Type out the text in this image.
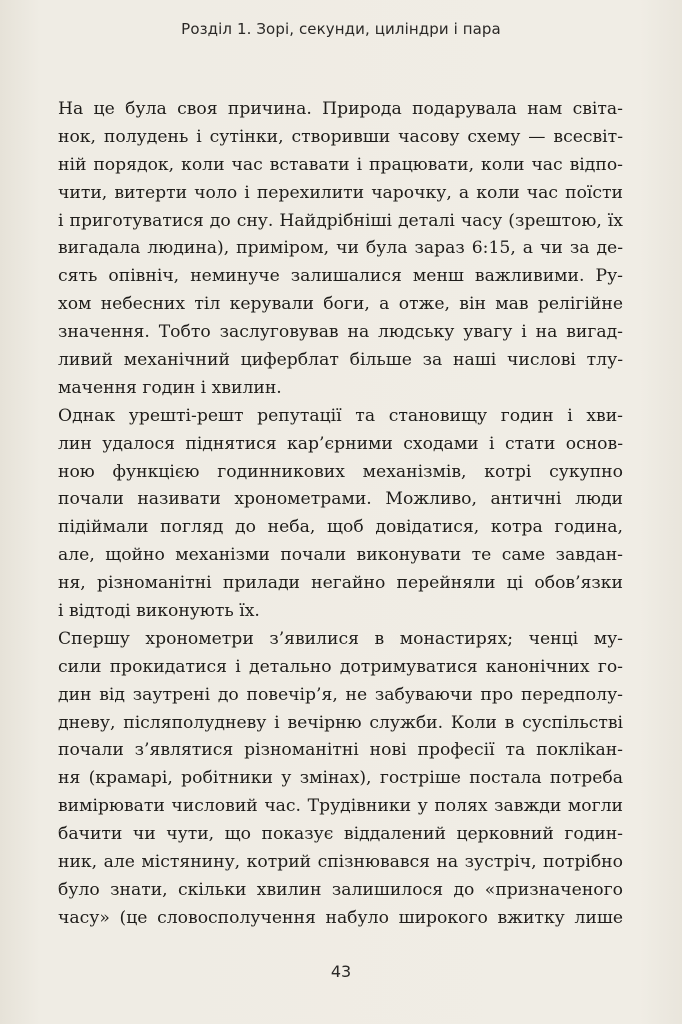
Розділ 1. Зорі, секунди, циліндри і пара
На це була своя причина. Природа подарувала нам світа-
нок, полудень і сутінки, створивши часову схему — всесвіт-
ній порядок, коли час вставати і працювати, коли час відпо-
чити, витерти чоло і перехилити чарочку, а коли час поїсти
і приготуватися до сну. Найдрібніші деталі часу (зрештою, їх
вигадала людина), приміром, чи була зараз 6:15, а чи за де-
сять опівніч, неминуче залишалися менш важливими. Ру-
хом небесних тіл керували боги, а отже, він мав релігійне
значення. Тобто заслуговував на людську увагу і на вигад-
ливий механічний циферблат більше за наші числові тлу-
мачення годин і хвилин.
Однак урешті-решт репутації та становищу годин і хви-
лин удалося піднятися кар’єрними сходами і стати основ-
ною функцією годинникових механізмів, котрі сукупно
почали називати хронометрами. Можливо, античні люди
підіймали погляд до неба, щоб довідатися, котра година,
але, щойно механізми почали виконувати те саме завдан-
ня, різноманітні прилади негайно перейняли ці обов’язки
і відтоді виконують їх.
Спершу хронометри з’явилися в монастирях; ченці му-
сили прокидатися і детально дотримуватися канонічних го-
дин від заутрені до повечір’я, не забуваючи про передполу-
дневу, післяполудневу і вечірню служби. Коли в суспільстві
почали з’являтися різноманітні нові професії та поклikан-
ня (крамарі, робітники у змінах), гостріше постала потреба
вимірювати числовий час. Трудівники у полях завжди могли
бачити чи чути, що показує віддалений церковний годин-
ник, але містянину, котрий спізнювався на зустріч, потрібно
було знати, скільки хвилин залишилося до «призначеного
часу» (це словосполучення набуло широкого вжитку лише
43
